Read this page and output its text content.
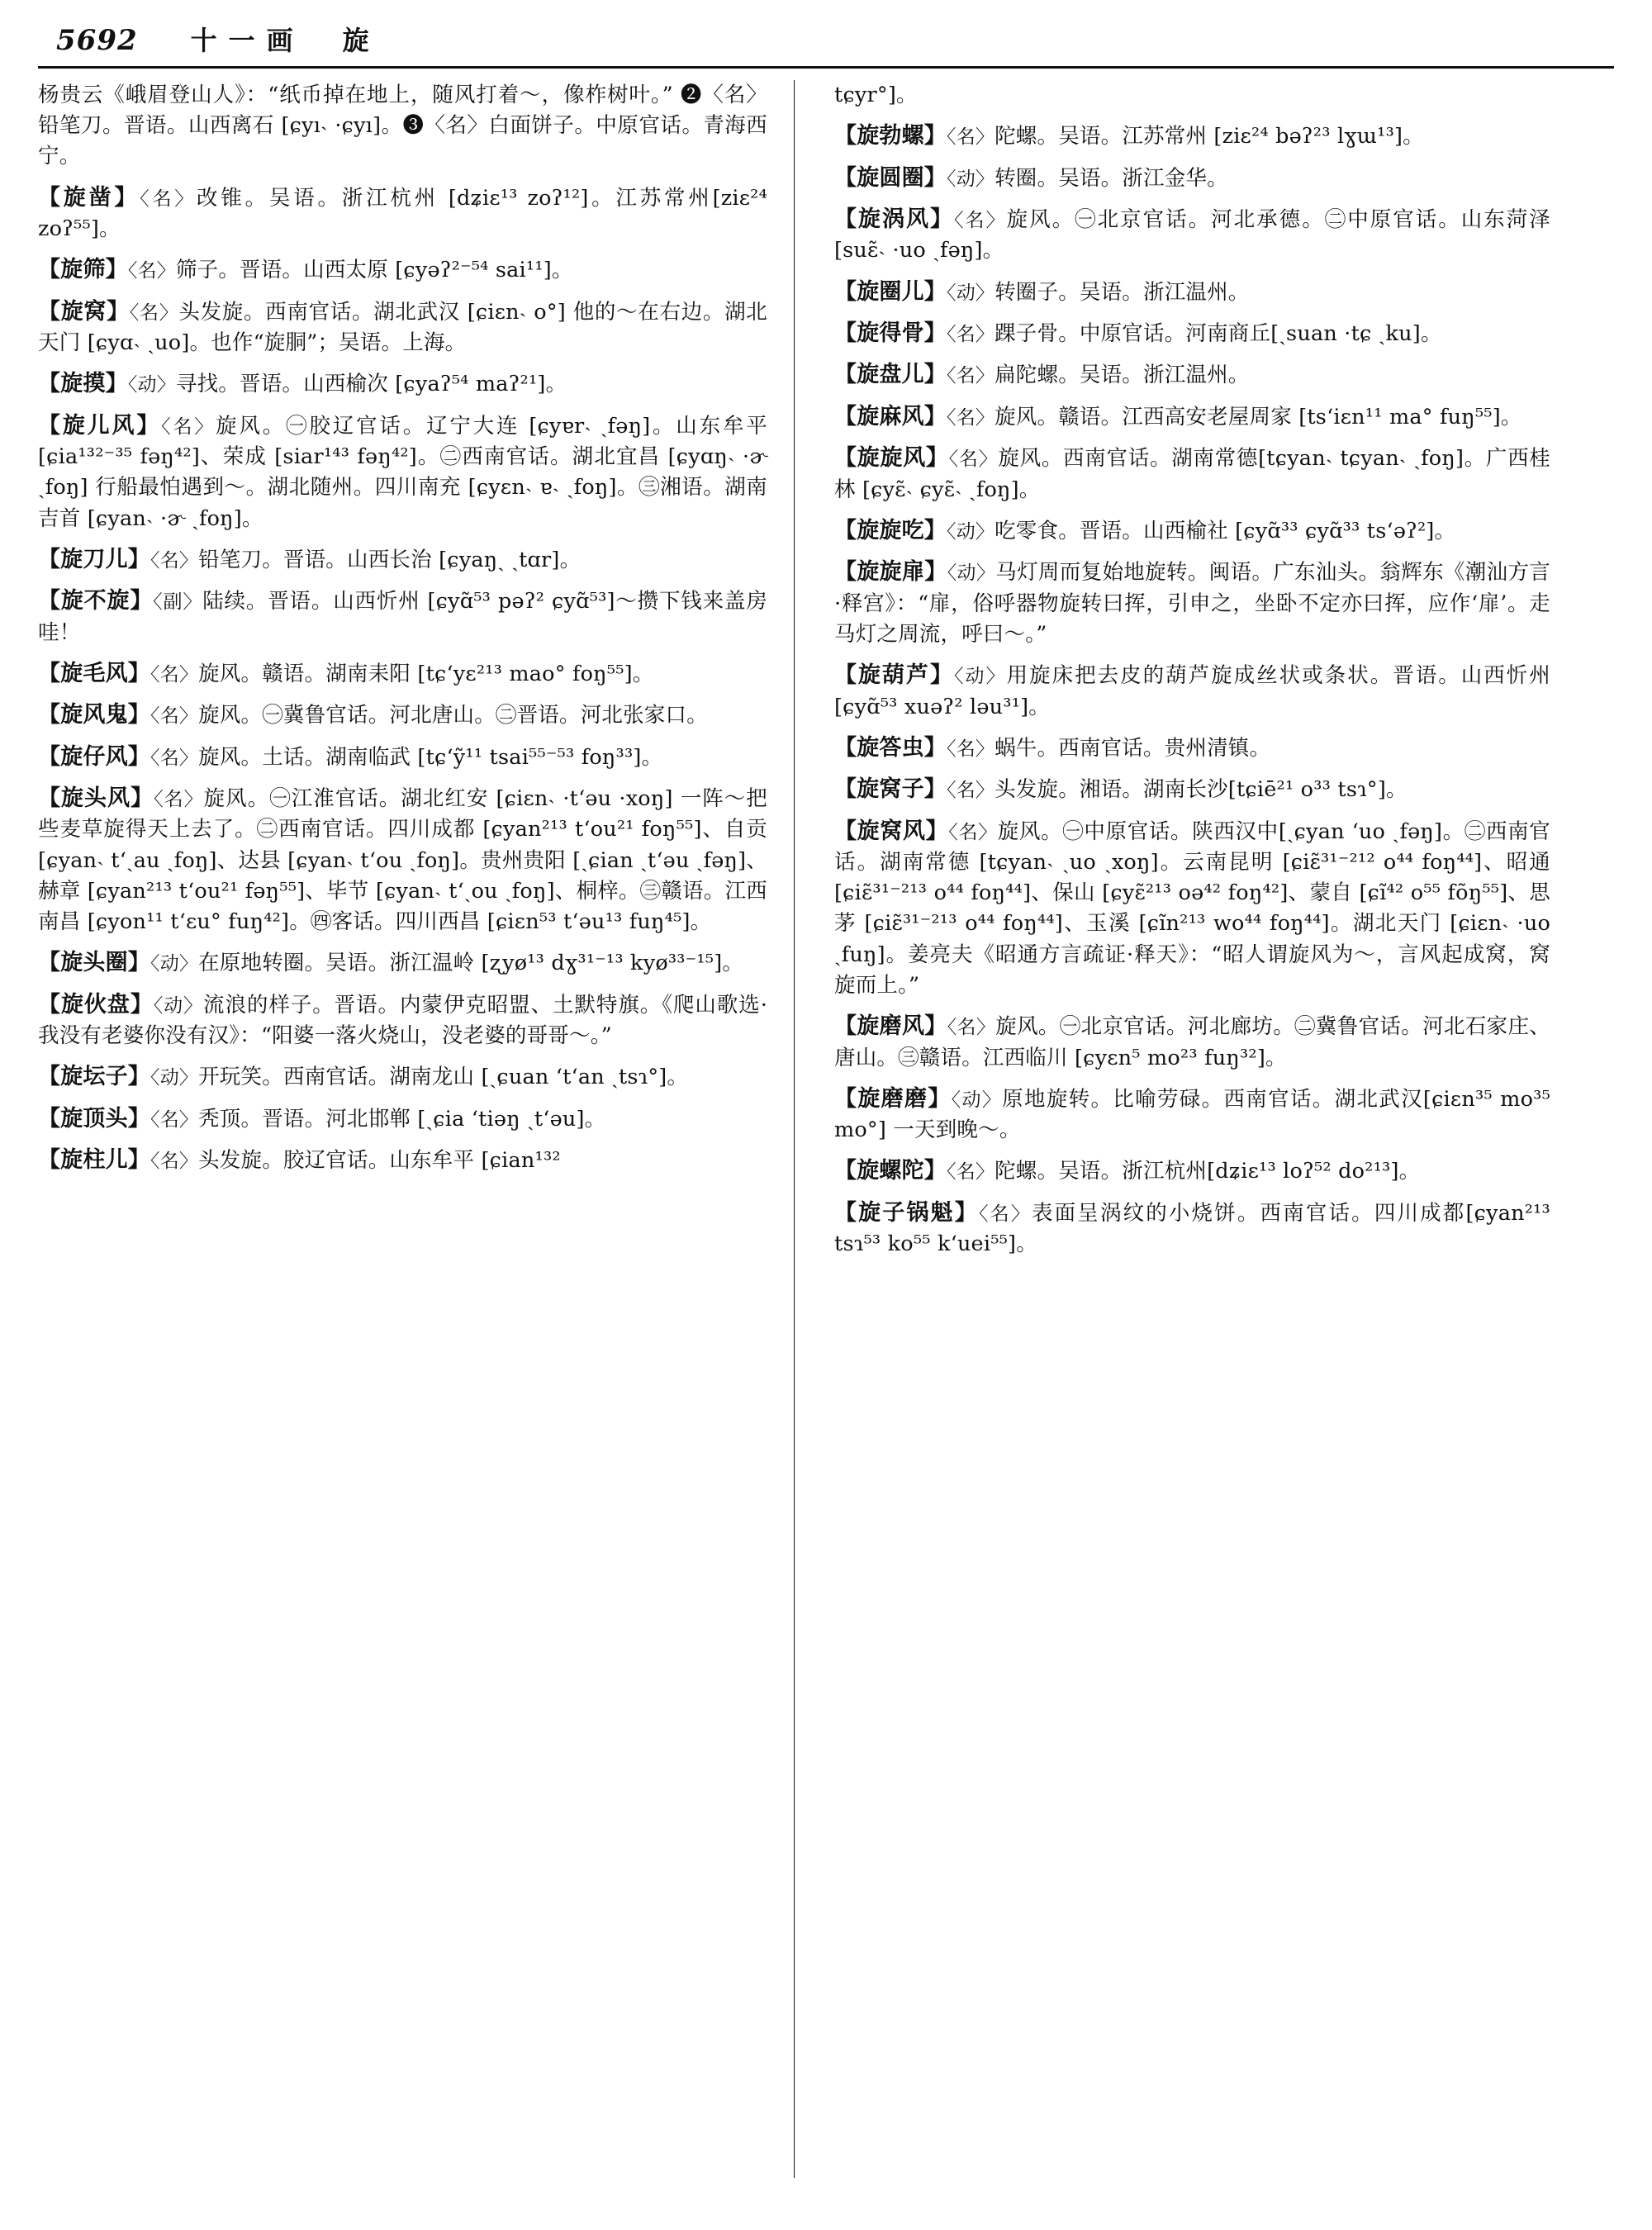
5692 十一画　旋
杨贵云《峨眉登山人》：“纸币掉在地上，随风打着～，像柞树叶。” ❷〈名〉铅笔刀。晋语。山西离石 [ɕyı˴ ·ɕyı]。❸〈名〉白面饼子。中原官话。青海西宁。
【旋凿】〈名〉改锥。吴语。浙江杭州 [dʑiɛ¹³ zoʔ¹²]。江苏常州[ziɛ²⁴ zoʔ⁵⁵]。
【旋筛】〈名〉筛子。晋语。山西太原 [ɕyəʔ²⁻⁵⁴ sai¹¹]。
【旋窝】〈名〉头发旋。西南官话。湖北武汉 [ɕiɛn˴ o°] 他的～在右边。湖北天门 [ɕyɑ˴ ˏuo]。也作“旋胴”；吴语。上海。
【旋摸】〈动〉寻找。晋语。山西榆次 [ɕyaʔ⁵⁴ maʔ²¹]。
【旋儿风】〈名〉旋风。㊀胶辽官话。辽宁大连 [ɕyɐr˴ ˏfəŋ]。山东牟平 [ɕia¹³²⁻³⁵ fəŋ⁴²]、荣成 [siar¹⁴³ fəŋ⁴²]。㊁西南官话。湖北宜昌 [ɕyɑŋ˴ ·ɚ ˏfoŋ] 行船最怕遇到～。湖北随州。四川南充 [ɕyɛn˴ ɐ˴ ˏfoŋ]。㊂湘语。湖南吉首 [ɕyan˴ ·ɚ ˏfoŋ]。
【旋刀儿】〈名〉铅笔刀。晋语。山西长治 [ɕyaŋˏ ˏtɑr]。
【旋不旋】〈副〉陆续。晋语。山西忻州 [ɕyɑ̃⁵³ pəʔ² ɕyɑ̃⁵³]～攒下钱来盖房哇！
【旋毛风】〈名〉旋风。赣语。湖南耒阳 [tɕ‘yɛ²¹³ mao° foŋ⁵⁵]。
【旋风鬼】〈名〉旋风。㊀冀鲁官话。河北唐山。㊁晋语。河北张家口。
【旋仔风】〈名〉旋风。土话。湖南临武 [tɕ‘ỹ¹¹ tsai⁵⁵⁻⁵³ foŋ³³]。
【旋头风】〈名〉旋风。㊀江淮官话。湖北红安 [ɕiɛn˴ ·t‘əu ·xoŋ] 一阵～把些麦草旋得天上去了。㊁西南官话。四川成都 [ɕyan²¹³ t‘ou²¹ foŋ⁵⁵]、自贡 [ɕyan˴ t‘ˏau ˏfoŋ]、达县 [ɕyan˴ t‘ou ˏfoŋ]。贵州贵阳 [ˏɕian ˏt‘əu ˏfəŋ]、赫章 [ɕyan²¹³ t‘ou²¹ fəŋ⁵⁵]、毕节 [ɕyan˴ t‘ˏou ˏfoŋ]、桐梓。㊂赣语。江西南昌 [ɕyon¹¹ t‘ɛu° fuŋ⁴²]。㊃客话。四川西昌 [ɕiɛn⁵³ t‘əu¹³ fuŋ⁴⁵]。
【旋头圈】〈动〉在原地转圈。吴语。浙江温岭 [ʐyø¹³ dɣ³¹⁻¹³ kyø³³⁻¹⁵]。
【旋伙盘】〈动〉流浪的样子。晋语。内蒙伊克昭盟、土默特旗。《爬山歌选·我没有老婆你没有汉》：“阳婆一落火烧山，没老婆的哥哥～。”
【旋坛子】〈动〉开玩笑。西南官话。湖南龙山 [ˏɕuan ‘t‘an ˏtsɿ°]。
【旋顶头】〈名〉秃顶。晋语。河北邯郸 [ˏɕia ‘tiəŋ ˏt‘əu]。
【旋柱儿】〈名〉头发旋。胶辽官话。山东牟平 [ɕian¹³²
tɕyr°]。
【旋勃螺】〈名〉陀螺。吴语。江苏常州 [ziɛ²⁴ bəʔ²³ lɣɯ¹³]。
【旋圆圈】〈动〉转圈。吴语。浙江金华。
【旋涡风】〈名〉旋风。㊀北京官话。河北承德。㊁中原官话。山东菏泽 [suɛ̃˴ ·uo ˏfəŋ]。
【旋圈儿】〈动〉转圈子。吴语。浙江温州。
【旋得骨】〈名〉踝子骨。中原官话。河南商丘[ˏsuan ·tɕ ˏku]。
【旋盘儿】〈名〉扁陀螺。吴语。浙江温州。
【旋麻风】〈名〉旋风。赣语。江西高安老屋周家 [ts‘iɛn¹¹ ma° fuŋ⁵⁵]。
【旋旋风】〈名〉旋风。西南官话。湖南常德[tɕyan˴ tɕyan˴ ˏfoŋ]。广西桂林 [ɕyɛ̃˴ ɕyɛ̃˴ ˏfoŋ]。
【旋旋吃】〈动〉吃零食。晋语。山西榆社 [ɕyɑ̃³³ ɕyɑ̃³³ ts‘əʔ²]。
【旋旋扉】〈动〉马灯周而复始地旋转。闽语。广东汕头。翁辉东《潮汕方言·释宫》：“扉，俗呼器物旋转曰挥，引申之，坐卧不定亦曰挥，应作‘扉’。走马灯之周流，呼曰～。”
【旋葫芦】〈动〉用旋床把去皮的葫芦旋成丝状或条状。晋语。山西忻州 [ɕyɑ̃⁵³ xuəʔ² ləu³¹]。
【旋答虫】〈名〉蜗牛。西南官话。贵州清镇。
【旋窝子】〈名〉头发旋。湘语。湖南长沙[tɕiē²¹ o³³ tsɿ°]。
【旋窝风】〈名〉旋风。㊀中原官话。陕西汉中[ˏɕyan ‘uo ˏfəŋ]。㊁西南官话。湖南常德 [tɕyan˴ ˏuo ˏxoŋ]。云南昆明 [ɕiɛ̃³¹⁻²¹² o⁴⁴ foŋ⁴⁴]、昭通 [ɕiɛ̃³¹⁻²¹³ o⁴⁴ foŋ⁴⁴]、保山 [ɕyɛ̃²¹³ oə⁴² foŋ⁴²]、蒙自 [ɕĩ⁴² o⁵⁵ fõŋ⁵⁵]、思茅 [ɕiɛ̃³¹⁻²¹³ o⁴⁴ foŋ⁴⁴]、玉溪 [ɕĩn²¹³ wo⁴⁴ foŋ⁴⁴]。湖北天门 [ɕiɛn˴ ·uo ˏfuŋ]。姜亮夫《昭通方言疏证·释天》：“昭人谓旋风为～，言风起成窝，窝旋而上。”
【旋磨风】〈名〉旋风。㊀北京官话。河北廊坊。㊁冀鲁官话。河北石家庄、唐山。㊂赣语。江西临川 [ɕyɛn⁵ mo²³ fuŋ³²]。
【旋磨磨】〈动〉原地旋转。比喻劳碌。西南官话。湖北武汉[ɕiɛn³⁵ mo³⁵ mo°] 一天到晚～。
【旋螺陀】〈名〉陀螺。吴语。浙江杭州[dʑiɛ¹³ loʔ⁵² do²¹³]。
【旋子锅魁】〈名〉表面呈涡纹的小烧饼。西南官话。四川成都[ɕyan²¹³ tsɿ⁵³ ko⁵⁵ k‘uei⁵⁵]。
